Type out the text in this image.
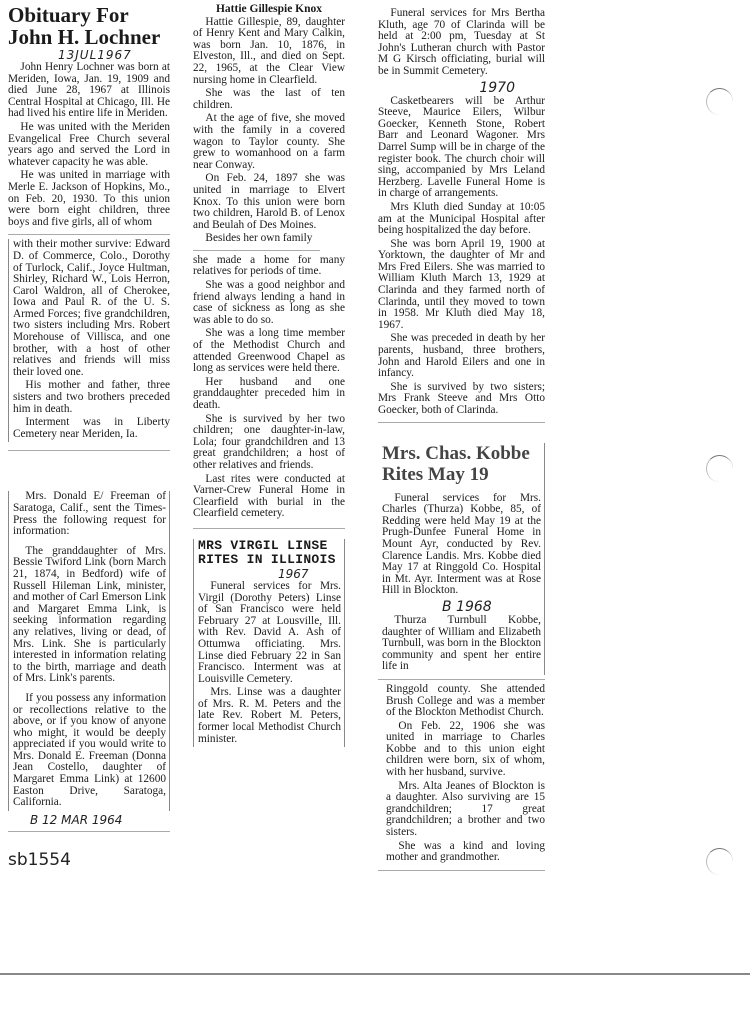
Obituary For
John H. Lochner
13JUL1967

John Henry Lochner was born at Meriden, Iowa, Jan. 19, 1909 and died June 28, 1967 at Illinois Central Hospital at Chicago, Ill. He had lived his entire life in Meriden.

He was united with the Meriden Evangelical Free Church several years ago and served the Lord in whatever capacity he was able.

He was united in marriage with Merle E. Jackson of Hopkins, Mo., on Feb. 20, 1930. To this union were born eight children, three boys and five girls, all of whom

with their mother survive: Edward D. of Commerce, Colo., Dorothy of Turlock, Calif., Joyce Hultman, Shirley, Richard W., Lois Herron, Carol Waldron, all of Cherokee, Iowa and Paul R. of the U. S. Armed Forces; five grandchildren, two sisters including Mrs. Robert Morehouse of Villisca, and one brother, with a host of other relatives and friends will miss their loved one.

His mother and father, three sisters and two brothers preceded him in death.

Interment was in Liberty Cemetery near Meriden, Ia.

Mrs. Donald E/ Freeman of Saratoga, Calif., sent the Times-Press the following request for information:

The granddaughter of Mrs. Bessie Twiford Link (born March 21, 1874, in Bedford) wife of Russell Hileman Link, minister, and mother of Carl Emerson Link and Margaret Emma Link, is seeking information regarding any relatives, living or dead, of Mrs. Link. She is particularly interested in information relating to the birth, marriage and death of Mrs. Link's parents.

If you possess any information or recollections relative to the above, or if you know of anyone who might, it would be deeply appreciated if you would write to Mrs. Donald E. Freeman (Donna Jean Costello, daughter of Margaret Emma Link) at 12600 Easton Drive, Saratoga, California.

B 12 MAR 1964
sb1554
Hattie Gillespie Knox

Hattie Gillespie, 89, daughter of Henry Kent and Mary Calkin, was born Jan. 10, 1876, in Elveston, Ill., and died on Sept. 22, 1965, at the Clear View nursing home in Clearfield.

She was the last of ten children.

At the age of five, she moved with the family in a covered wagon to Taylor county. She grew to womanhood on a farm near Conway.

On Feb. 24, 1897 she was united in marriage to Elvert Knox. To this union were born two children, Harold B. of Lenox and Beulah of Des Moines.

Besides her own family

she made a home for many relatives for periods of time.

She was a good neighbor and friend always lending a hand in case of sickness as long as she was able to do so.

She was a long time member of the Methodist Church and attended Greenwood Chapel as long as services were held there.

Her husband and one granddaughter preceded him in death.

She is survived by her two children; one daughter-in-law, Lola; four grandchildren and 13 great grandchildren; a host of other relatives and friends.

Last rites were conducted at Varner-Crew Funeral Home in Clearfield with burial in the Clearfield cemetery.

MRS VIRGIL LINSE
RITES IN ILLINOIS
1967

Funeral services for Mrs. Virgil (Dorothy Peters) Linse of San Francisco were held February 27 at Lousville, Ill. with Rev. David A. Ash of Ottumwa officiating. Mrs. Linse died February 22 in San Francisco. Interment was at Louisville Cemetery.

Mrs. Linse was a daughter of Mrs. R. M. Peters and the late Rev. Robert M. Peters, former local Methodist Church minister.

Funeral services for Mrs Bertha Kluth, age 70 of Clarinda will be held at 2:00 pm, Tuesday at St John's Lutheran church with Pastor M G Kirsch officiating, burial will be in Summit Cemetery.

1970

Casketbearers will be Arthur Steeve, Maurice Eilers, Wilbur Goecker, Kenneth Stone, Robert Barr and Leonard Wagoner. Mrs Darrel Sump will be in charge of the register book. The church choir will sing, accompanied by Mrs Leland Herzberg. Lavelle Funeral Home is in charge of arrangements.

Mrs Kluth died Sunday at 10:05 am at the Municipal Hospital after being hospitalized the day before.

She was born April 19, 1900 at Yorktown, the daughter of Mr and Mrs Fred Eilers. She was married to William Kluth March 13, 1929 at Clarinda and they farmed north of Clarinda, until they moved to town in 1958. Mr Kluth died May 18, 1967.

She was preceded in death by her parents, husband, three brothers, John and Harold Eilers and one in infancy.

She is survived by two sisters; Mrs Frank Steeve and Mrs Otto Goecker, both of Clarinda.

Mrs. Chas. Kobbe
Rites May 19

Funeral services for Mrs. Charles (Thurza) Kobbe, 85, of Redding were held May 19 at the Prugh-Dunfee Funeral Home in Mount Ayr, conducted by Rev. Clarence Landis. Mrs. Kobbe died May 17 at Ringgold Co. Hospital in Mt. Ayr. Interment was at Rose Hill in Blockton.

B 1968

Thurza Turnbull Kobbe, daughter of William and Elizabeth Turnbull, was born in the Blockton community and spent her entire life in

Ringgold county. She attended Brush College and was a member of the Blockton Methodist Church.

On Feb. 22, 1906 she was united in marriage to Charles Kobbe and to this union eight children were born, six of whom, with her husband, survive.

Mrs. Alta Jeanes of Blockton is a daughter. Also surviving are 15 grandchildren; 17 great grandchildren; a brother and two sisters.

She was a kind and loving mother and grandmother.
